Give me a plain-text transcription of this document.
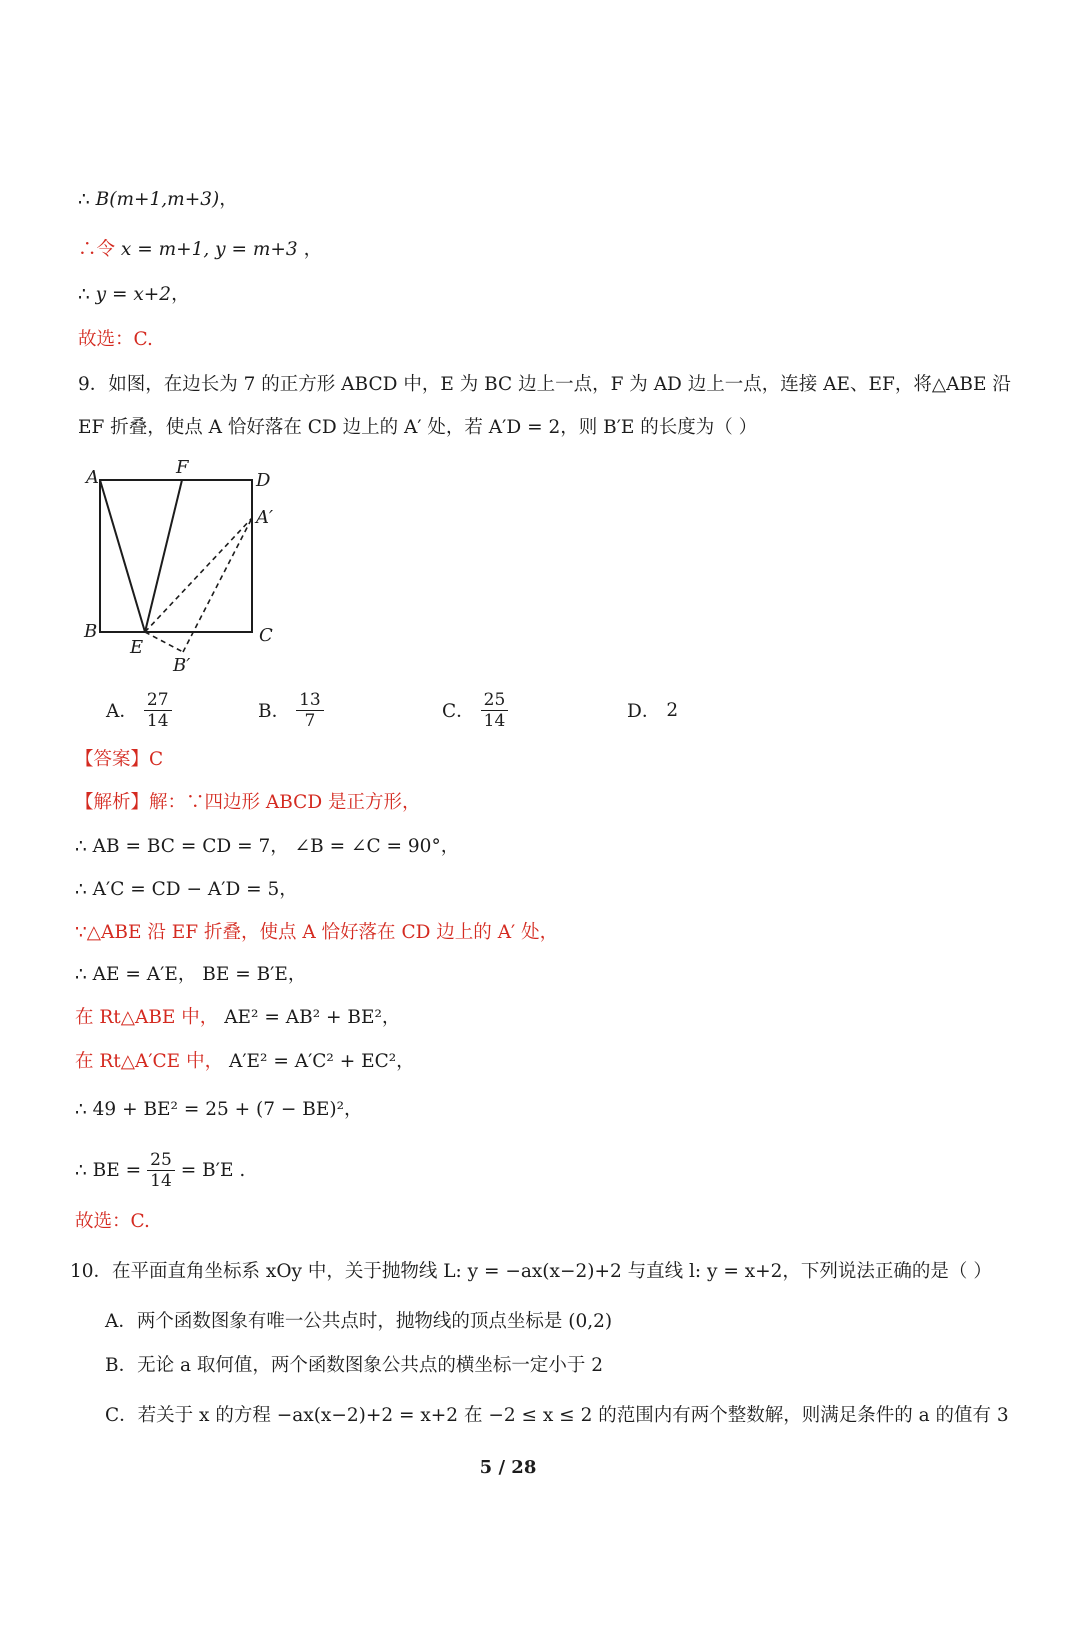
∴ B(m+1,m+3)，
∴令 x = m+1, y = m+3 ，
∴ y = x+2，
故选：C.
9．如图，在边长为 7 的正方形 ABCD 中，E 为 BC 边上一点，F 为 AD 边上一点，连接 AE、EF，将△ABE 沿
EF 折叠，使点 A 恰好落在 CD 边上的 A′ 处，若 A′D = 2，则 B′E 的长度为（ ）
A	F
D
A′
B	C
E
B′
A． $\frac{27}{14}$	B． $\frac{13}{7}$	C． $\frac{25}{14}$	D． 2
【答案】C
【解析】解：∵四边形 ABCD 是正方形，
∴ AB = BC = CD = 7， ∠B = ∠C = 90°，
∴ A′C = CD − A′D = 5，
∵△ABE 沿 EF 折叠，使点 A 恰好落在 CD 边上的 A′ 处，
∴ AE = A′E， BE = B′E，
在 Rt△ABE 中， AE² = AB² + BE²，
在 Rt△A′CE 中， A′E² = A′C² + EC²，
∴ 49 + BE² = 25 + (7 − BE)²，
∴ BE = $\frac{25}{14} = B'E$ .
故选：C.
10．在平面直角坐标系 xOy 中，关于抛物线 L: y = −ax(x−2)+2 与直线 l: y = x+2，下列说法正确的是（ ）
A．两个函数图象有唯一公共点时，抛物线的顶点坐标是 (0,2)
B．无论 a 取何值，两个函数图象公共点的横坐标一定小于 2
C．若关于 x 的方程 −ax(x−2)+2 = x+2 在 −2 ≤ x ≤ 2 的范围内有两个整数解，则满足条件的 a 的值有 3
5 / 28
